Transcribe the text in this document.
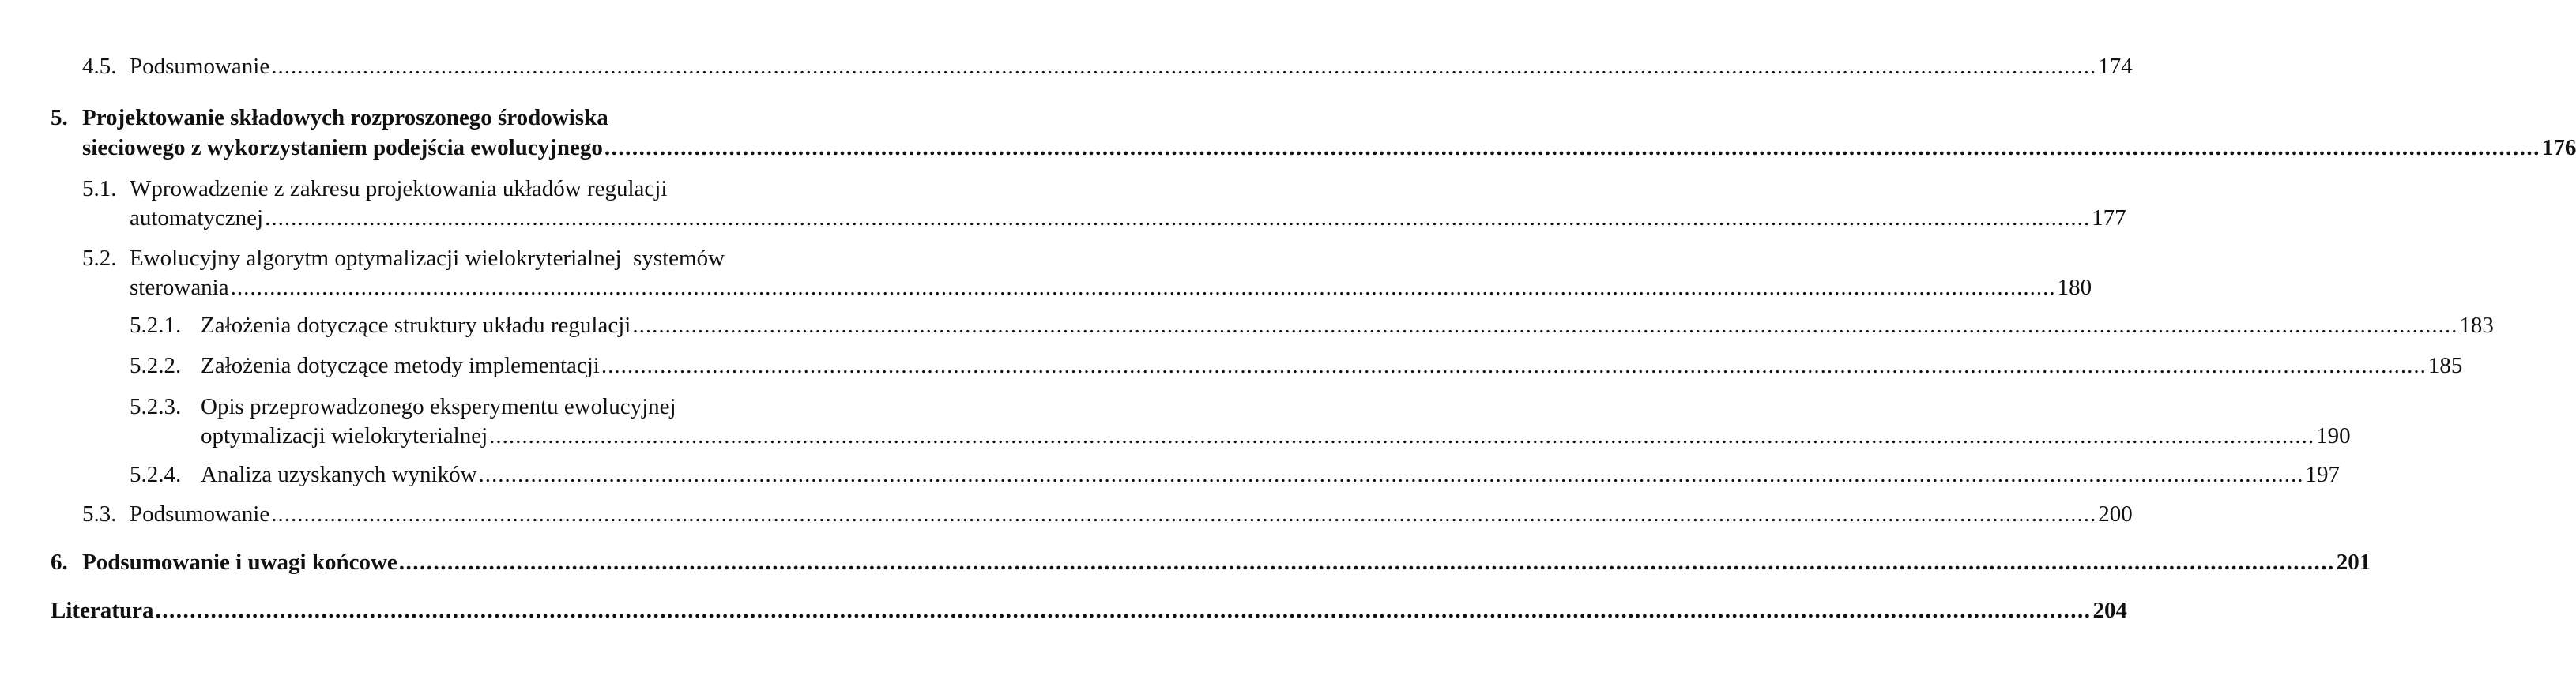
4.5. Podsumowanie .....	174
5. Projektowanie składowych rozproszonego środowiska
sieciowego z wykorzystaniem podejścia ewolucyjnego .....	176
5.1. Wprowadzenie z zakresu projektowania układów regulacji
automatycznej .....	177
5.2. Ewolucyjny algorytm optymalizacji wielokryterialnej  systemów
sterowania .....	180
5.2.1. Założenia dotyczące struktury układu regulacji .....	183
5.2.2. Założenia dotyczące metody implementacji .....	185
5.2.3. Opis przeprowadzonego eksperymentu ewolucyjnej
optymalizacji wielokryterialnej .....	190
5.2.4. Analiza uzyskanych wyników .....	197
5.3. Podsumowanie .....	200
6. Podsumowanie i uwagi końcowe .....	201
Literatura .....	204
